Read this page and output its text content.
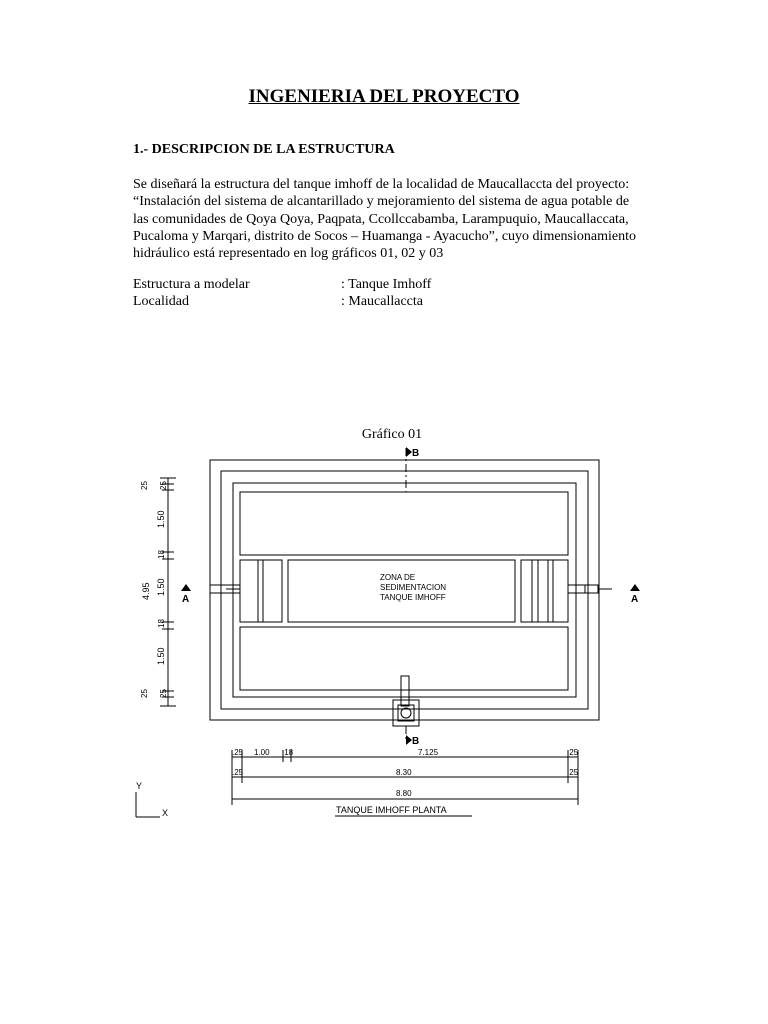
INGENIERIA DEL PROYECTO
1.- DESCRIPCION DE LA ESTRUCTURA
Se diseñará la estructura del tanque imhoff de la localidad de Maucallaccta del proyecto:
“Instalación del sistema de alcantarillado y mejoramiento del sistema de agua potable de
las comunidades de Qoya Qoya, Paqpata, Ccollccabamba, Larampuquio, Maucallaccata,
Pucaloma y Marqari, distrito de Socos – Huamanga - Ayacucho”, cuyo dimensionamiento
hidráulico está representado en log gráficos 01, 02 y 03
Estructura a modelar	: Tanque Imhoff
Localidad	: Maucallaccta
Gráfico 01
B
B
A	A
ZONA DE
SEDIMENTACION
TANQUE IMHOFF
25 25
1.50
18
1.50
18
1.50
25 25
4.95
.25 1.00 .18	7.125	.25
.25	8.30	.25
8.80
TANQUE IMHOFF PLANTA
Y
X
